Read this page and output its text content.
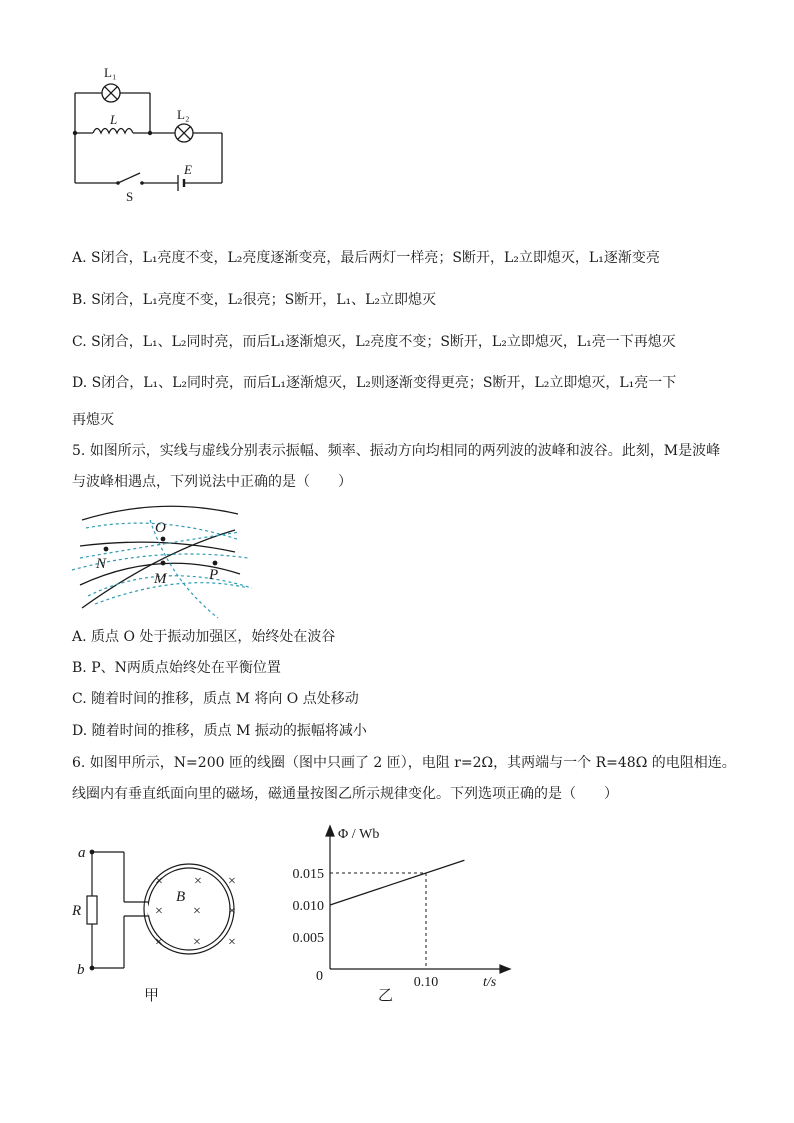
L₁
L	L₂
E
S
A. S闭合，L₁亮度不变，L₂亮度逐渐变亮，最后两灯一样亮；S断开，L₂立即熄灭，L₁逐渐变亮
B. S闭合，L₁亮度不变，L₂很亮；S断开，L₁、L₂立即熄灭
C. S闭合，L₁、L₂同时亮，而后L₁逐渐熄灭，L₂亮度不变；S断开，L₂立即熄灭，L₁亮一下再熄灭
D. S闭合，L₁、L₂同时亮，而后L₁逐渐熄灭，L₂则逐渐变得更亮；S断开，L₂立即熄灭，L₁亮一下
再熄灭
5. 如图所示，实线与虚线分别表示振幅、频率、振动方向均相同的两列波的波峰和波谷。此刻，M是波峰
与波峰相遇点，下列说法中正确的是（　　）
O
N
M	P
A. 质点 O 处于振动加强区，始终处在波谷
B. P、N两质点始终处在平衡位置
C. 随着时间的推移，质点 M 将向 O 点处移动
D. 随着时间的推移，质点 M 振动的振幅将减小
6. 如图甲所示，N=200 匝的线圈（图中只画了 2 匝），电阻 r=2Ω，其两端与一个 R=48Ω 的电阻相连。
线圈内有垂直纸面向里的磁场，磁通量按图乙所示规律变化。下列选项正确的是（　　）
× × ×
× × ×
× × ×
B
a
b
R
甲
0.005
0.010
0.015
0.10
Φ / Wb
t/s
0
乙
